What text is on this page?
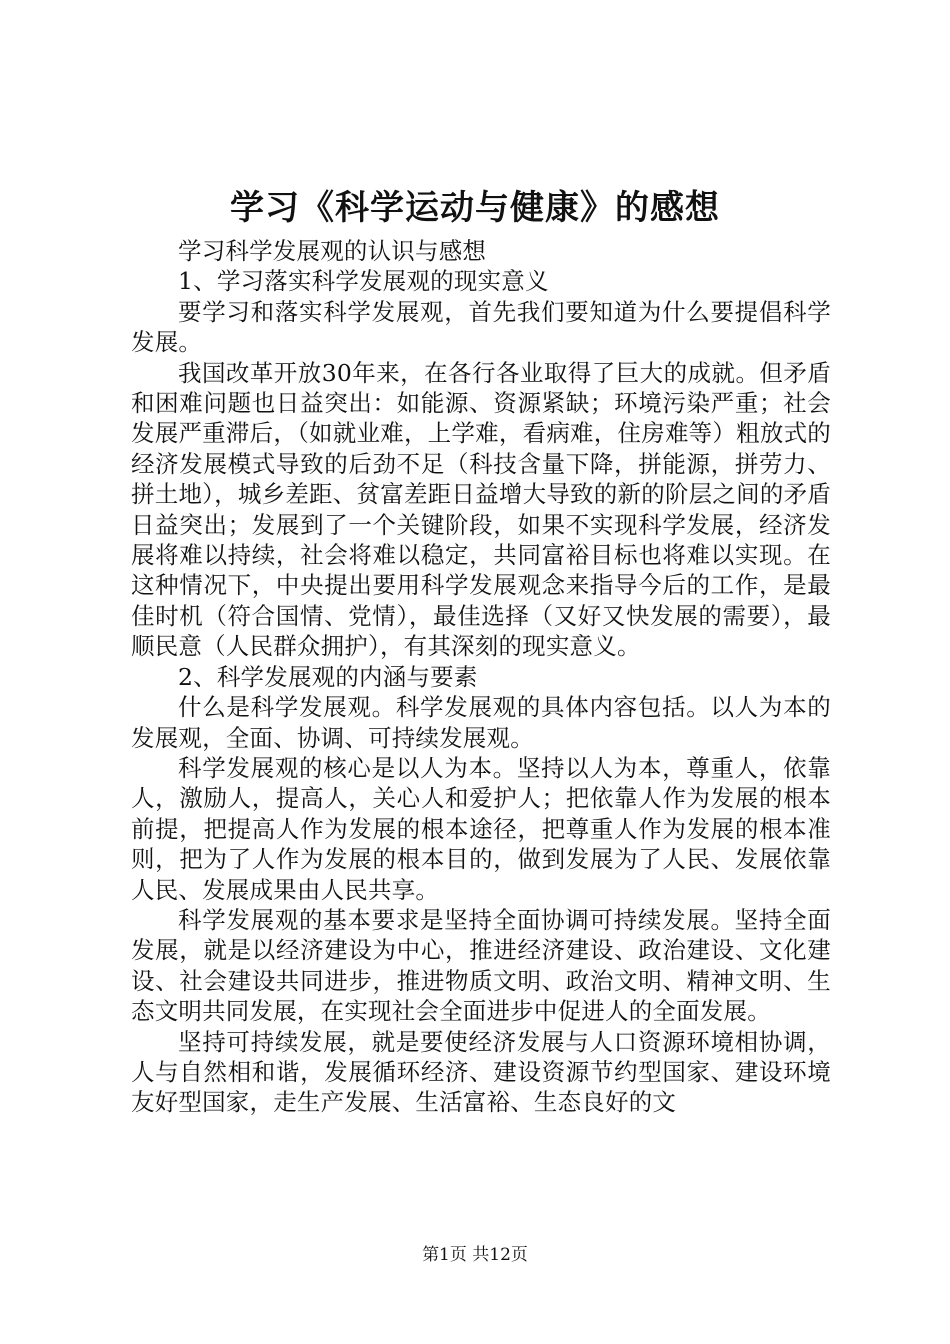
学习《科学运动与健康》的感想

学习科学发展观的认识与感想

1、学习落实科学发展观的现实意义

要学习和落实科学发展观，首先我们要知道为什么要提倡科学发展。

我国改革开放30年来，在各行各业取得了巨大的成就。但矛盾和困难问题也日益突出：如能源、资源紧缺；环境污染严重；社会发展严重滞后，（如就业难，上学难，看病难，住房难等）粗放式的经济发展模式导致的后劲不足（科技含量下降，拼能源，拼劳力、拼土地），城乡差距、贫富差距日益增大导致的新的阶层之间的矛盾日益突出；发展到了一个关键阶段，如果不实现科学发展，经济发展将难以持续，社会将难以稳定，共同富裕目标也将难以实现。在这种情况下，中央提出要用科学发展观念来指导今后的工作，是最佳时机（符合国情、党情），最佳选择（又好又快发展的需要），最顺民意（人民群众拥护），有其深刻的现实意义。

2、科学发展观的内涵与要素

什么是科学发展观。科学发展观的具体内容包括。以人为本的发展观，全面、协调、可持续发展观。

科学发展观的核心是以人为本。坚持以人为本，尊重人，依靠人，激励人，提高人，关心人和爱护人；把依靠人作为发展的根本前提，把提高人作为发展的根本途径，把尊重人作为发展的根本准则，把为了人作为发展的根本目的，做到发展为了人民、发展依靠人民、发展成果由人民共享。

科学发展观的基本要求是坚持全面协调可持续发展。坚持全面发展，就是以经济建设为中心，推进经济建设、政治建设、文化建设、社会建设共同进步，推进物质文明、政治文明、精神文明、生态文明共同发展，在实现社会全面进步中促进人的全面发展。

坚持可持续发展，就是要使经济发展与人口资源环境相协调，人与自然相和谐，发展循环经济、建设资源节约型国家、建设环境友好型国家，走生产发展、生活富裕、生态良好的文

第1页 共12页
